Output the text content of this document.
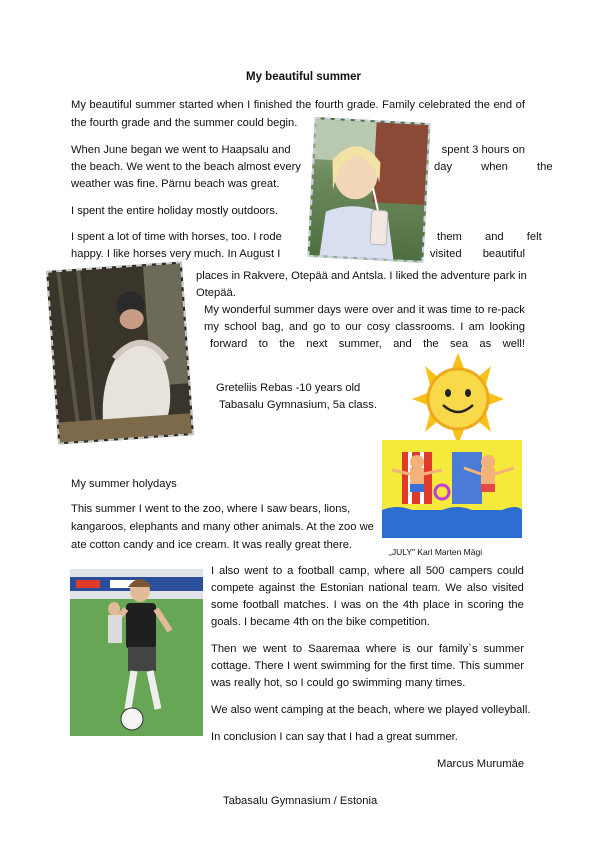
My beautiful summer
My beautiful summer started when I finished the fourth grade. Family celebrated the end of
the fourth grade and the summer could begin.
When June began we went to Haapsalu and	spent 3 hours on
the beach. We went to the beach almost every	day when the
weather was fine. Pärnu beach was great.
I spent the entire holiday mostly outdoors.
I spent a lot of time with horses, too. I rode	them and felt
happy. I like horses very much. In August I	visited beautiful
places in Rakvere, Otepää and Antsla. I liked the adventure park in
Otepää.
My wonderful summer days were over and it was time to re-pack
my school bag, and go to our cosy classrooms. I am looking
forward to the next summer, and the sea as well!
Greteliis Rebas -10 years old
Tabasalu Gymnasium, 5a class.
„JULY" Karl Marten Mägi
My summer holydays
This summer I went to the zoo, where I saw bears, lions,
kangaroos, elephants and many other animals. At the zoo we
ate cotton candy and ice cream. It was really great there.
I also went to a football camp, where all 500 campers could
compete against the Estonian national team. We also visited
some football matches. I was on the 4th place in scoring the
goals. I became 4th on the bike competition.
Then we went to Saaremaa where is our family`s summer
cottage. There I went swimming for the first time. This summer
was really hot, so I could go swimming many times.
We also went camping at the beach, where we played volleyball.
In conclusion I can say that I had a great summer.
Marcus Murumäe
Tabasalu Gymnasium / Estonia
